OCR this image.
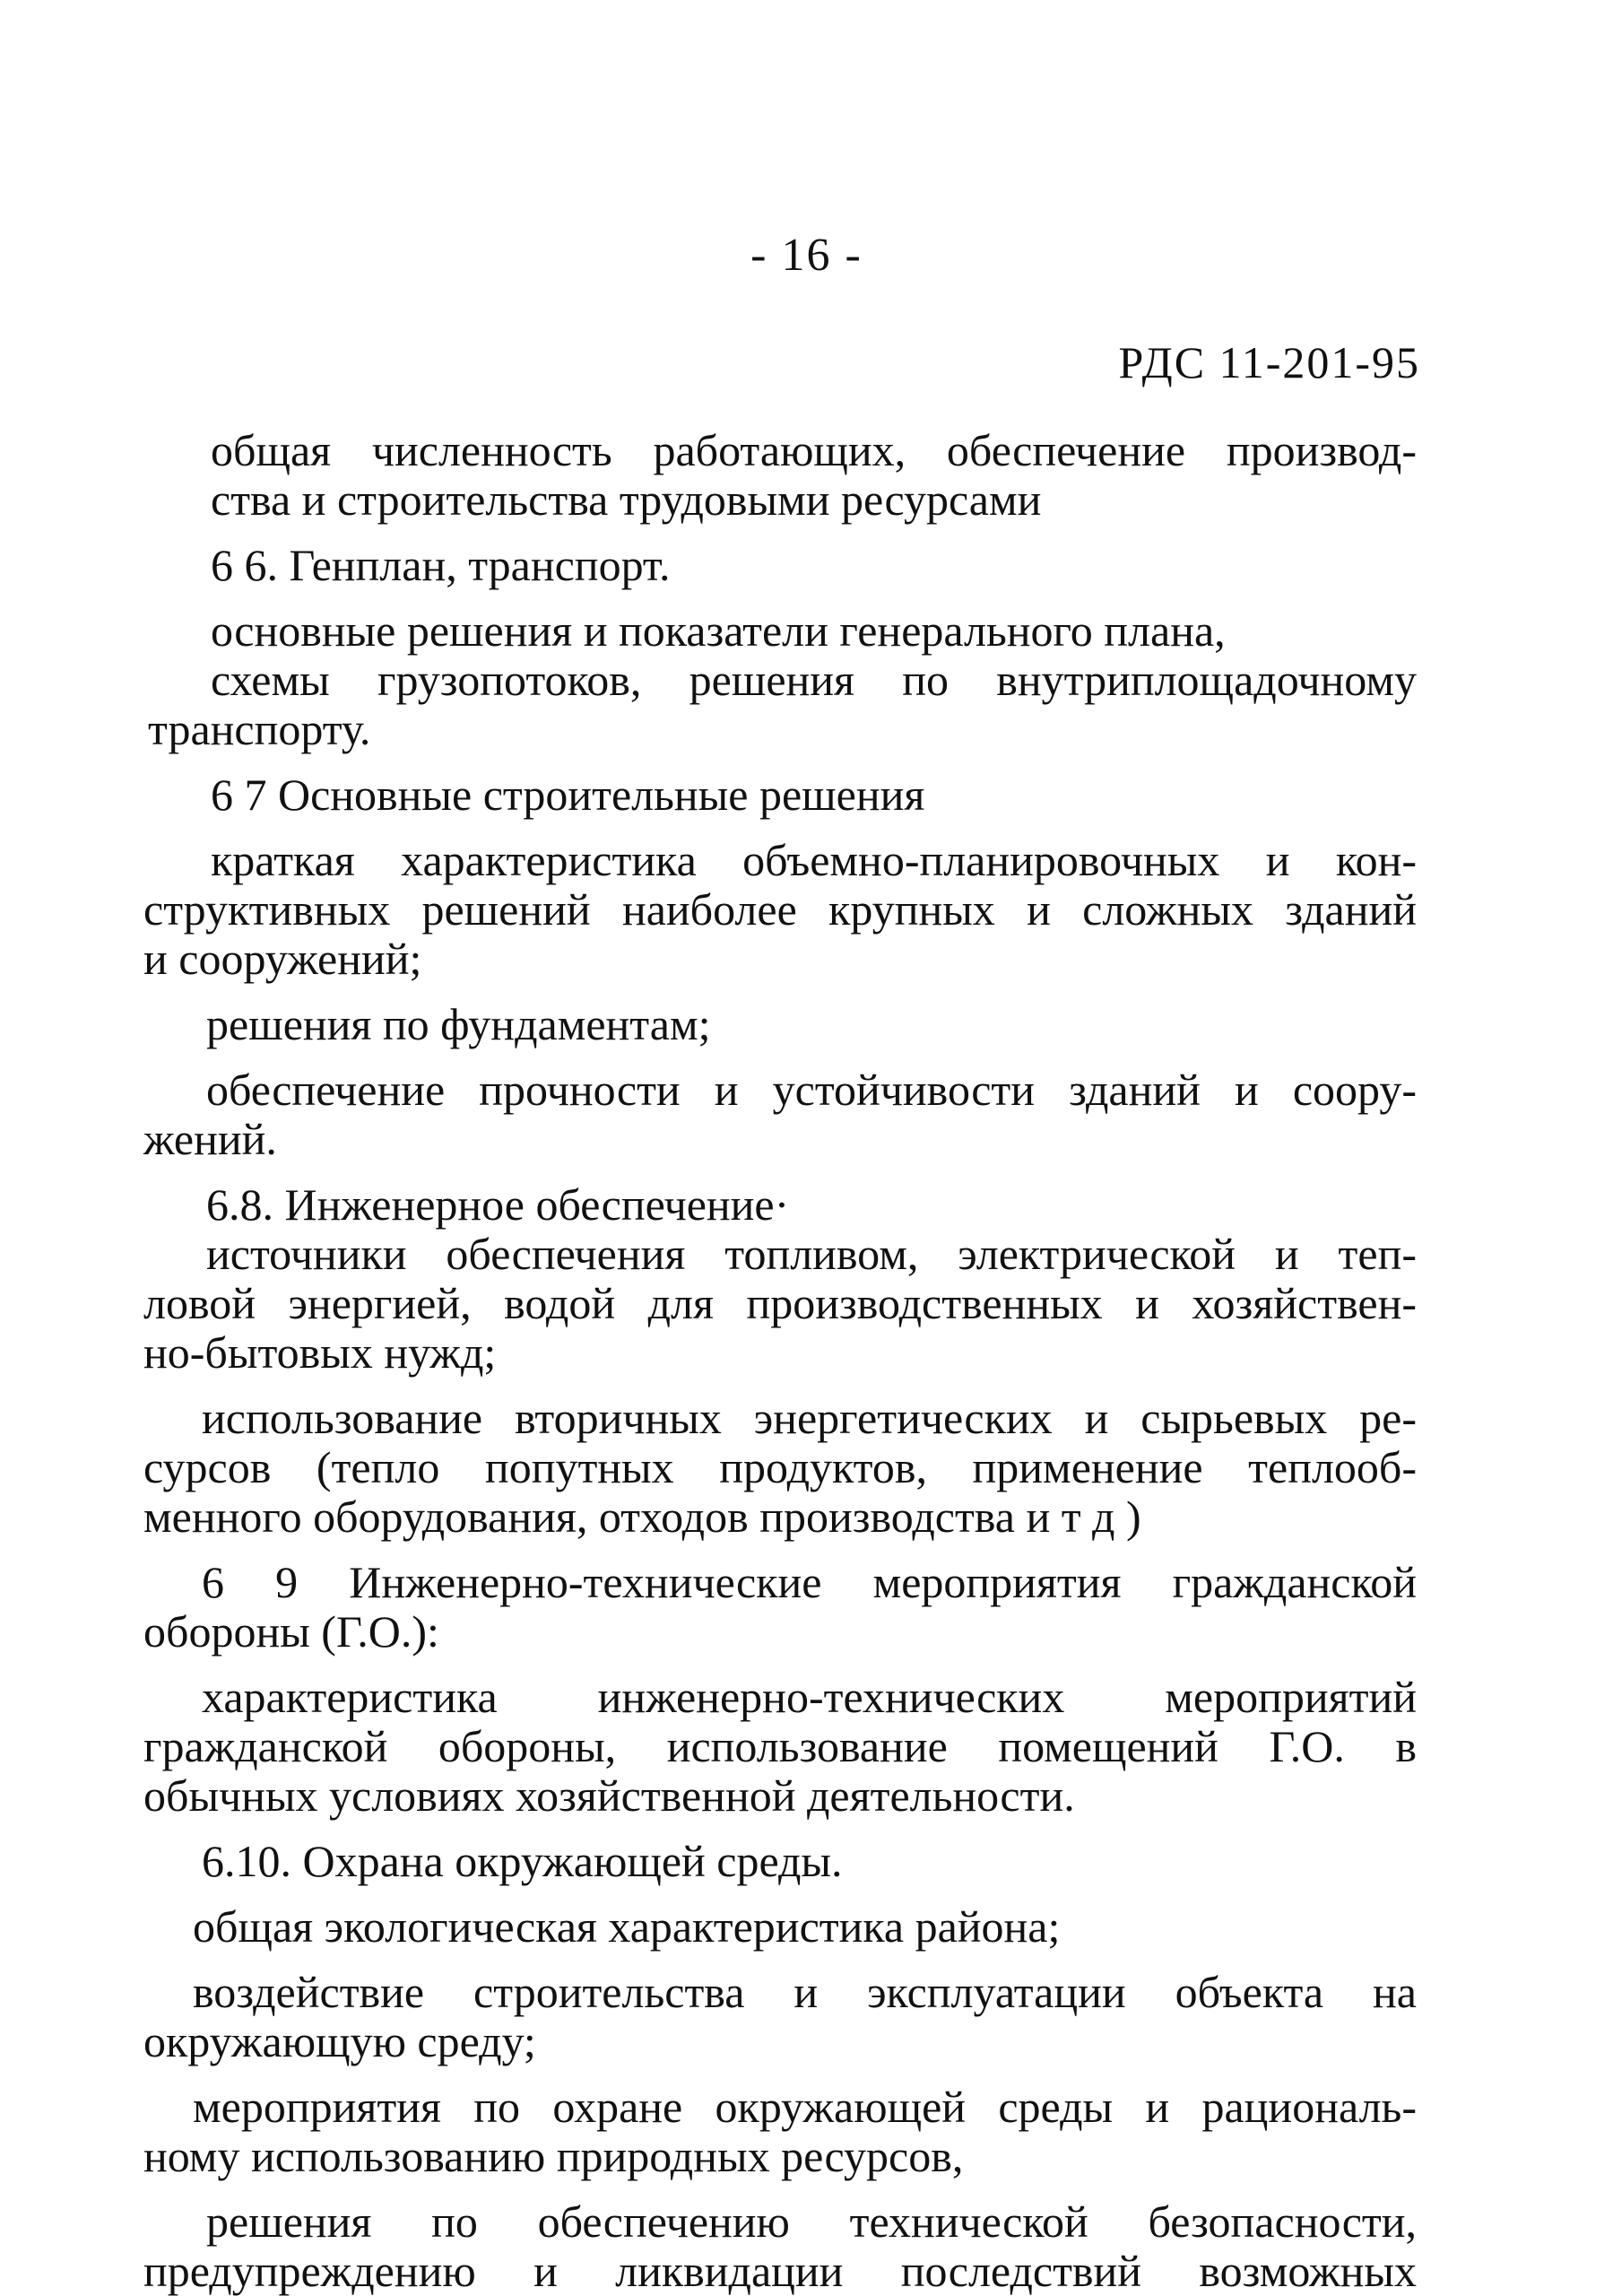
- 16 -
РДС 11-201-95
общая численность работающих, обеспечение производ-
ства и строительства трудовыми ресурсами
6 6. Генплан, транспорт.
основные решения и показатели генерального плана,
схемы грузопотоков, решения по внутриплощадочному
транспорту.
6 7 Основные строительные решения
краткая характеристика объемно-планировочных и кон-
структивных решений наиболее крупных и сложных зданий
и сооружений;
решения по фундаментам;
обеспечение прочности и устойчивости зданий и соору-
жений.
6.8. Инженерное обеспечение·
источники обеспечения топливом, электрической и теп-
ловой энергией, водой для производственных и хозяйствен-
но-бытовых нужд;
использование вторичных энергетических и сырьевых ре-
сурсов (тепло попутных продуктов, применение теплооб-
менного оборудования, отходов производства и т д )
6 9 Инженерно-технические мероприятия гражданской
обороны (Г.О.):
характеристика инженерно-технических мероприятий
гражданской обороны, использование помещений Г.О. в
обычных условиях хозяйственной деятельности.
6.10. Охрана окружающей среды.
общая экологическая характеристика района;
воздействие строительства и эксплуатации объекта на
окружающую среду;
мероприятия по охране окружающей среды и рациональ-
ному использованию природных ресурсов,
решения по обеспечению технической безопасности,
предупреждению и ликвидации последствий возможных
